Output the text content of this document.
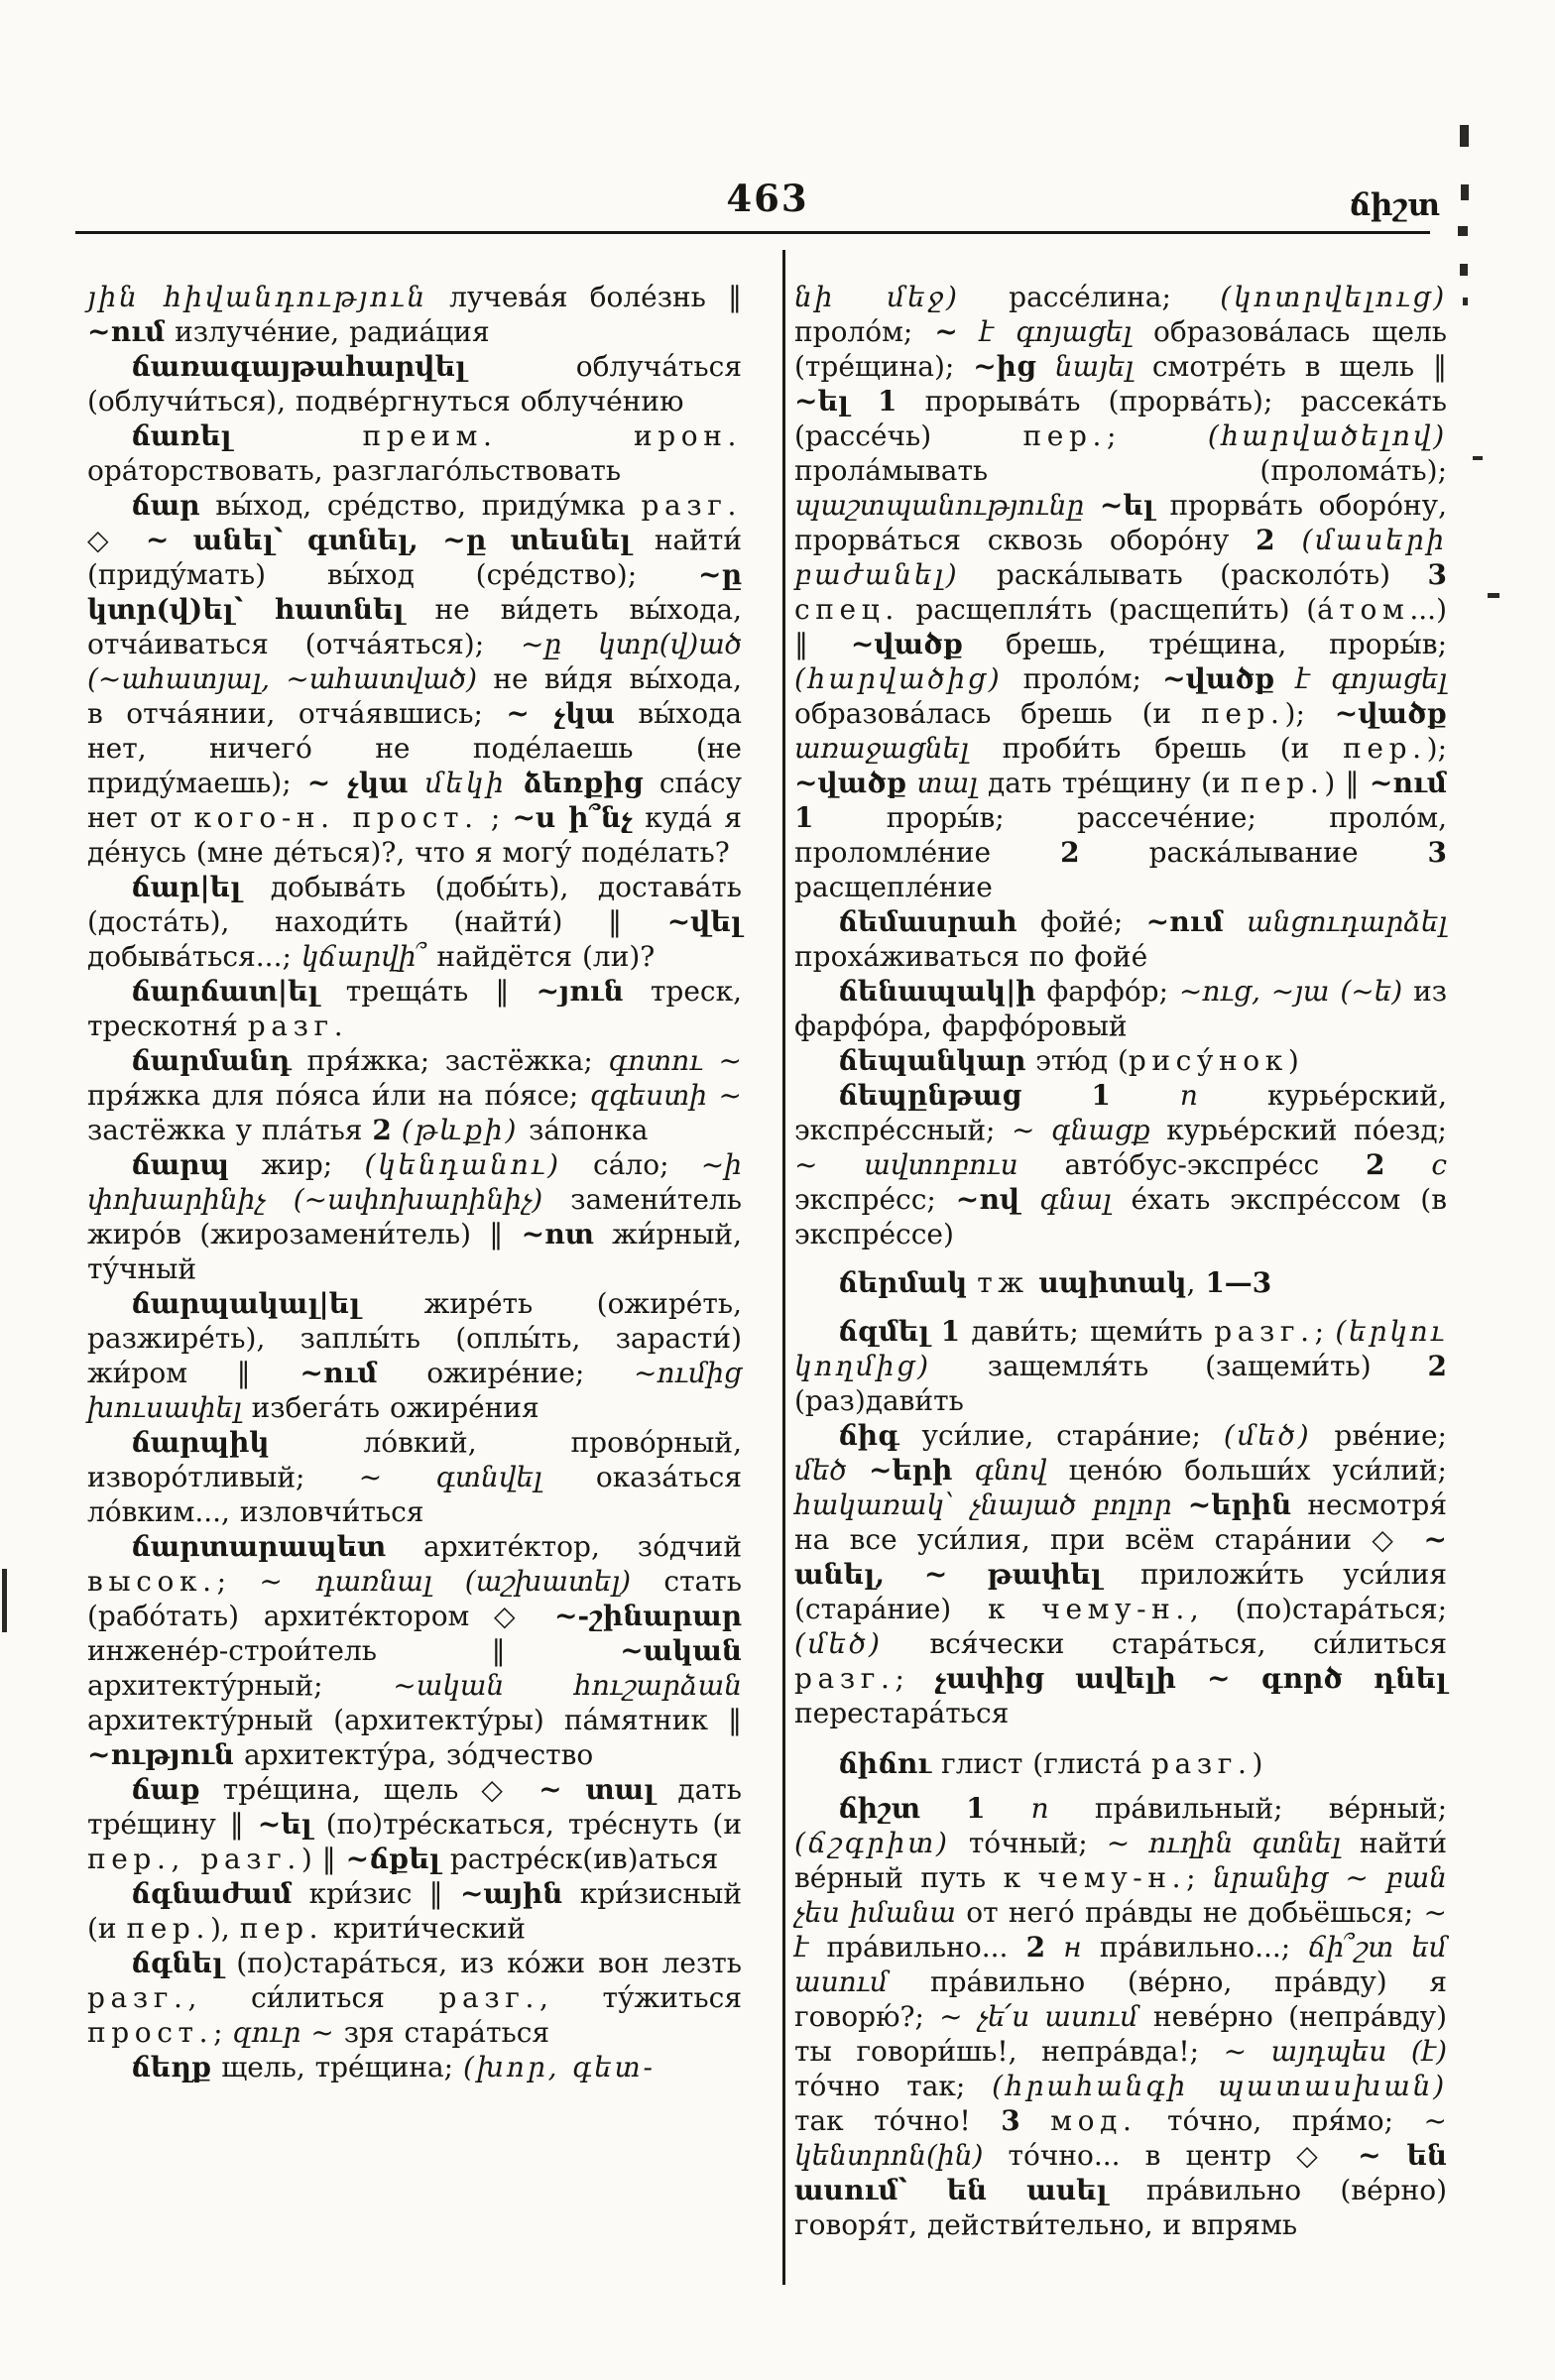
463	ճիշտ

յին հիվանդություն лучева́я боле́знь ‖ ~ում излуче́ние, радиа́ция

ճառագայթահարվել облуча́ться (облучи́ться), подве́ргнуться облуче́нию

ճառել	преим. ирон. ора́торствовать, разглаго́льствовать

ճար вы́ход, сре́дство, приду́мка разг. ◇ ~ անել՝ գտնել, ~ը տեսնել найти́ (приду́мать) вы́ход (сре́дство); ~ը կտր(վ)ել՝ հատնել не ви́деть вы́хода, отча́иваться (отча́яться); ~ը կտր(վ)ած (~ահատյալ, ~ահատված) не ви́дя вы́хода, в отча́янии, отча́явшись; ~ չկա вы́хода нет, ничего́ не поде́лаешь (не приду́маешь); ~ չկա մեկի ձեռքից спа́су нет от кого-н. прост. ; ~ս ի՞նչ куда́ я де́нусь (мне де́ться)?, что я могу́ поде́лать?

ճար|ել добыва́ть (добы́ть), достава́ть (доста́ть), находи́ть (найти́) ‖ ~վել добыва́ться...; կճարվի՞ найдётся (ли)?

ճարճատ|ել треща́ть ‖ ~յուն треск, трескотня́ разг.

ճարմանդ пря́жка; застёжка; գոտու ~ пря́жка для по́яса и́ли на по́ясе; զգեստի ~ застёжка у пла́тья 2 (թևքի) за́понка

ճարպ жир; (կենդանու) са́ло; ~ի փոխարինիչ (~ափոխարինիչ) замени́тель жиро́в (жирозамени́тель) ‖ ~ոտ жи́рный, ту́чный

ճարպակալ|ել жире́ть (ожире́ть, разжире́ть), заплы́ть (оплы́ть, зарасти́) жи́ром ‖ ~ում ожире́ние; ~ումից խուսափել избега́ть ожире́ния

ճարպիկ ло́вкий, прово́рный, изворо́тливый; ~ գտնվել оказа́ться ло́вким..., изловчи́ться

ճարտարապետ архите́ктор, зо́дчий высок.; ~ դառնալ (աշխատել) стать (рабо́тать) архите́ктором ◇ ~-շինարար инжене́р-строи́тель ‖ ~ական архитекту́рный; ~ական հուշարձան архитекту́рный (архитекту́ры) па́мятник ‖ ~ություն архитекту́ра, зо́дчество

ճաք тре́щина, щель ◇ ~ տալ дать тре́щину ‖ ~ել (по)тре́скаться, тре́снуть (и пер., разг.) ‖ ~ճքել растре́ск(ив)аться

ճգնաժամ кри́зис ‖ ~ային кри́зисный (и пер.), пер. крити́ческий

ճգնել (по)стара́ться, из ко́жи вон лезть разг., си́литься разг., ту́житься прост.; զուր ~ зря стара́ться

ճեղք щель, тре́щина; (խոր, գետ-

նի մեջ) рассе́лина; (կոտրվելուց) проло́м; ~ է գոյացել образова́лась щель (тре́щина); ~ից նայել смотре́ть в щель ‖ ~ել 1 прорыва́ть (прорва́ть); рассека́ть (рассе́чь) пер.; (հարվածելով) прола́мывать (пролома́ть); պաշտպանությունը ~ել прорва́ть оборо́ну, прорва́ться сквозь оборо́ну 2 (մասերի բաժանել) раска́лывать (расколо́ть) 3 спец. расщепля́ть (расщепи́ть) (а́том...) ‖ ~վածք брешь, тре́щина, проры́в; (հարվածից) проло́м; ~վածք է գոյացել образова́лась брешь (и пер.); ~վածք առաջացնել проби́ть брешь (и пер.); ~վածք տալ дать тре́щину (и пер.) ‖ ~ում 1 проры́в; рассече́ние; проло́м, проломле́ние 2 раска́лывание 3 расщепле́ние

ճեմասրահ фойе́; ~ում անցուդարձել проха́живаться по фойе́

ճենապակ|ի фарфо́р; ~ուց, ~յա (~ե) из фарфо́ра, фарфо́ровый

ճեպանկար этю́д (рису́нок)

ճեպընթաց	1	п курье́рский, экспре́ссный; ~ գնացք курье́рский по́езд; ~ ավտոբուս авто́бус-экспре́сс 2 с экспре́сс; ~ով գնալ е́хать экспре́ссом (в экспре́ссе)

ճերմակ тж սպիտակ, 1—3

ճզմել 1 дави́ть; щеми́ть разг.; (երկու կողմից) защемля́ть (защеми́ть) 2 (раз)дави́ть

ճիգ уси́лие, стара́ние; (մեծ) рве́ние; մեծ ~երի գնով цено́ю больши́х уси́лий; հակառակ՝ չնայած բոլոր ~երին несмотря́ на все уси́лия, при всём стара́нии ◇ ~ անել, ~ թափել приложи́ть уси́лия (стара́ние) к чему-н., (по)стара́ться; (մեծ) вся́чески стара́ться, си́литься разг.; չափից ավելի ~ գործ դնել перестара́ться

ճիճու глист (глиста́ разг.)

ճիշտ 1 п пра́вильный; ве́рный; (ճշգրիտ) то́чный; ~ ուղին գտնել найти́ ве́рный путь к чему-н.; նրանից ~ բան չես իմանա от него́ пра́вды не добьёшься; ~ է пра́вильно... 2 н пра́вильно...; ճի՞շտ եմ ասում пра́вильно (ве́рно, пра́вду) я говорю́?; ~ չե՛ս ասում неве́рно (непра́вду) ты говори́шь!, непра́вда!; ~ այդպես (է) то́чно так; (հրահանգի պատասխան) так то́чно! 3 мод. то́чно, пря́мо; ~ կենտրոն(ին) то́чно... в центр ◇ ~ են ասում՝ են ասել пра́вильно (ве́рно) говоря́т, действи́тельно, и впрямь
